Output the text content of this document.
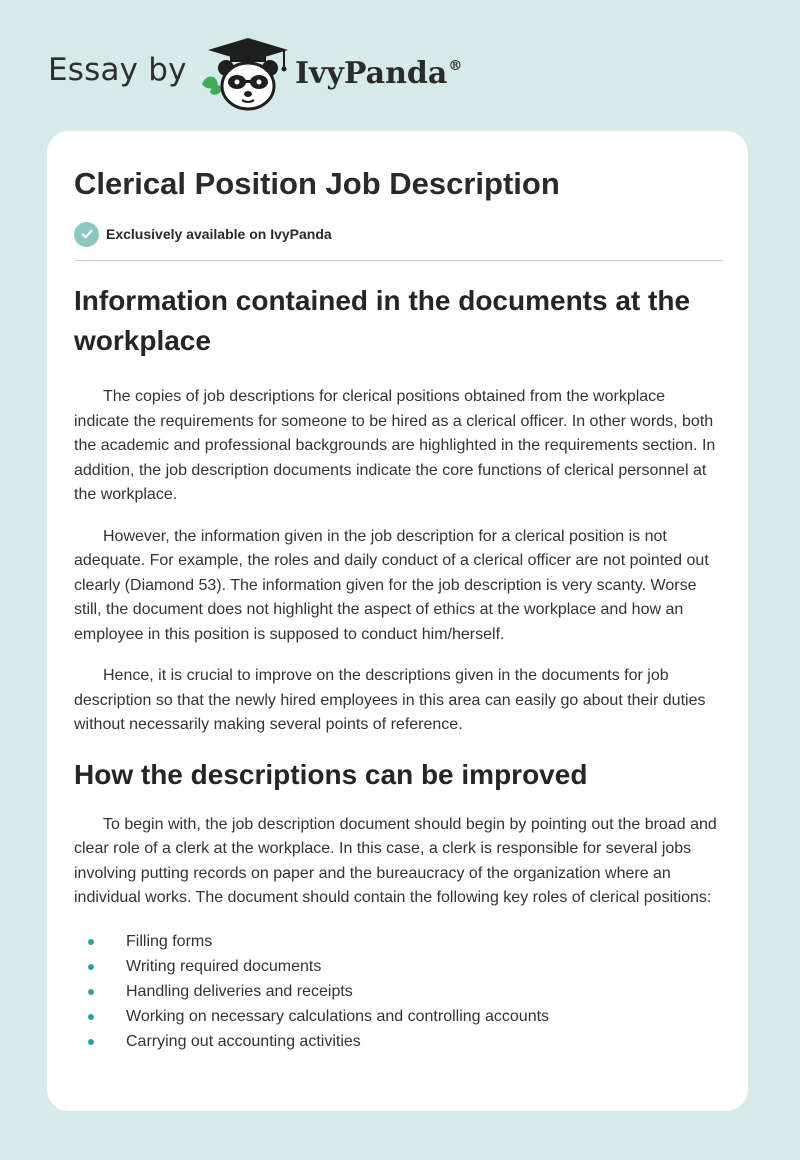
Essay by	IvyPanda®
Clerical Position Job Description
Exclusively available on IvyPanda
Information contained in the documents at the workplace

The copies of job descriptions for clerical positions obtained from the workplace indicate the requirements for someone to be hired as a clerical officer. In other words, both the academic and professional backgrounds are highlighted in the requirements section. In addition, the job description documents indicate the core functions of clerical personnel at the workplace.

However, the information given in the job description for a clerical position is not adequate. For example, the roles and daily conduct of a clerical officer are not pointed out clearly (Diamond 53). The information given for the job description is very scanty. Worse still, the document does not highlight the aspect of ethics at the workplace and how an employee in this position is supposed to conduct him/herself.

Hence, it is crucial to improve on the descriptions given in the documents for job description so that the newly hired employees in this area can easily go about their duties without necessarily making several points of reference.

How the descriptions can be improved

To begin with, the job description document should begin by pointing out the broad and clear role of a clerk at the workplace. In this case, a clerk is responsible for several jobs involving putting records on paper and the bureaucracy of the organization where an individual works. The document should contain the following key roles of clerical positions:

Filling forms
Writing required documents
Handling deliveries and receipts
Working on necessary calculations and controlling accounts
Carrying out accounting activities
